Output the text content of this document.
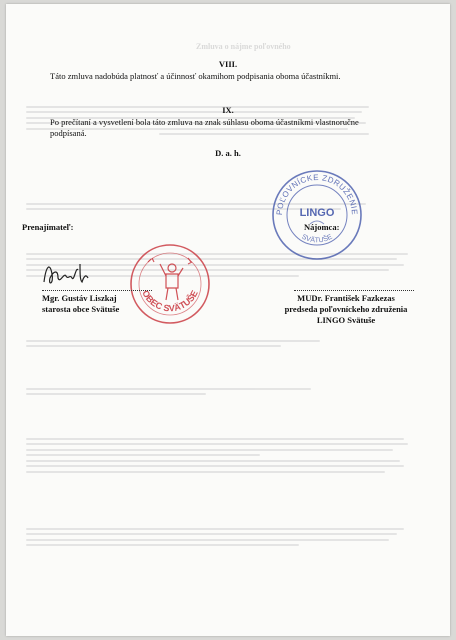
Zmluva o nájme poľovného
VIII.
Táto zmluva nadobúda platnosť a účinnosť okamihom podpisania oboma účastníkmi.
IX.
Po prečítaní a vysvetlení bola táto zmluva na znak súhlasu oboma účastníkmi vlastnoručne
podpísaná.
D. a. h.
POĽOVNÍCKE ZDRUŽENIE
LINGO
SVÄTUŠE
Prenajímateľ:	Nájomca:
OBEC SVÄTUŠE
Mgr. Gustáv Liszkaj
starosta obce Svätuše
MUDr. František Fazkezas
predseda poľovníckeho združenia
LINGO Svätuše
